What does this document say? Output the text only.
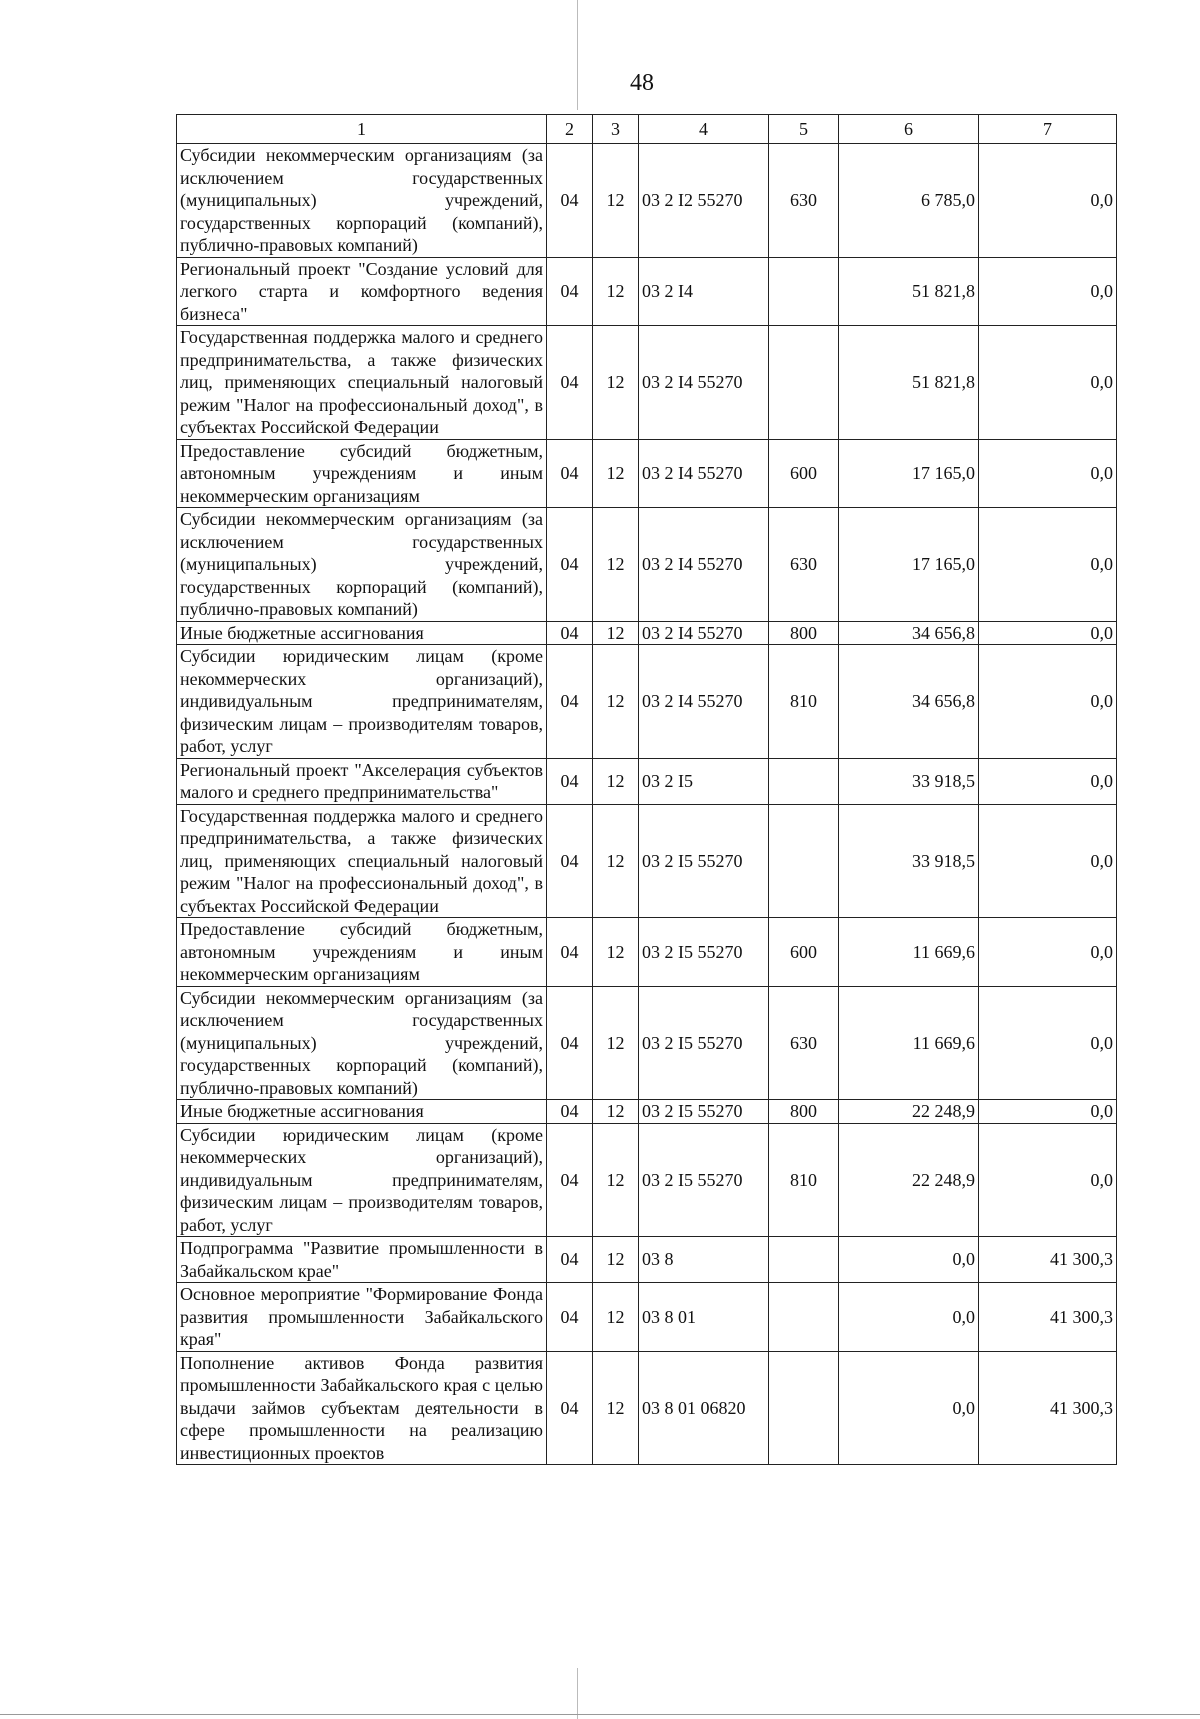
48
1	2	3	4	5	6	7
Субсидии некоммерческим организациям (за исключением государственных (муниципальных) учреждений, государственных корпораций (компаний), публично-правовых компаний)	04	12	03 2 I2 55270	630	6 785,0	0,0
Региональный проект "Создание условий для легкого старта и комфортного ведения бизнеса"	04	12	03 2 I4		51 821,8	0,0
Государственная поддержка малого и среднего предпринимательства, а также физических лиц, применяющих специальный налоговый режим "Налог на профессиональный доход", в субъектах Российской Федерации	04	12	03 2 I4 55270		51 821,8	0,0
Предоставление субсидий бюджетным, автономным учреждениям и иным некоммерческим организациям	04	12	03 2 I4 55270	600	17 165,0	0,0
Субсидии некоммерческим организациям (за исключением государственных (муниципальных) учреждений, государственных корпораций (компаний), публично-правовых компаний)	04	12	03 2 I4 55270	630	17 165,0	0,0
Иные бюджетные ассигнования	04	12	03 2 I4 55270	800	34 656,8	0,0
Субсидии юридическим лицам (кроме некоммерческих организаций), индивидуальным предпринимателям, физическим лицам – производителям товаров, работ, услуг	04	12	03 2 I4 55270	810	34 656,8	0,0
Региональный проект "Акселерация субъектов малого и среднего предпринимательства"	04	12	03 2 I5		33 918,5	0,0
Государственная поддержка малого и среднего предпринимательства, а также физических лиц, применяющих специальный налоговый режим "Налог на профессиональный доход", в субъектах Российской Федерации	04	12	03 2 I5 55270		33 918,5	0,0
Предоставление субсидий бюджетным, автономным учреждениям и иным некоммерческим организациям	04	12	03 2 I5 55270	600	11 669,6	0,0
Субсидии некоммерческим организациям (за исключением государственных (муниципальных) учреждений, государственных корпораций (компаний), публично-правовых компаний)	04	12	03 2 I5 55270	630	11 669,6	0,0
Иные бюджетные ассигнования	04	12	03 2 I5 55270	800	22 248,9	0,0
Субсидии юридическим лицам (кроме некоммерческих организаций), индивидуальным предпринимателям, физическим лицам – производителям товаров, работ, услуг	04	12	03 2 I5 55270	810	22 248,9	0,0
Подпрограмма "Развитие промышленности в Забайкальском крае"	04	12	03 8		0,0	41 300,3
Основное мероприятие "Формирование Фонда развития промышленности Забайкальского края"	04	12	03 8 01		0,0	41 300,3
Пополнение активов Фонда развития промышленности Забайкальского края с целью выдачи займов субъектам деятельности в сфере промышленности на реализацию инвестиционных проектов	04	12	03 8 01 06820		0,0	41 300,3
